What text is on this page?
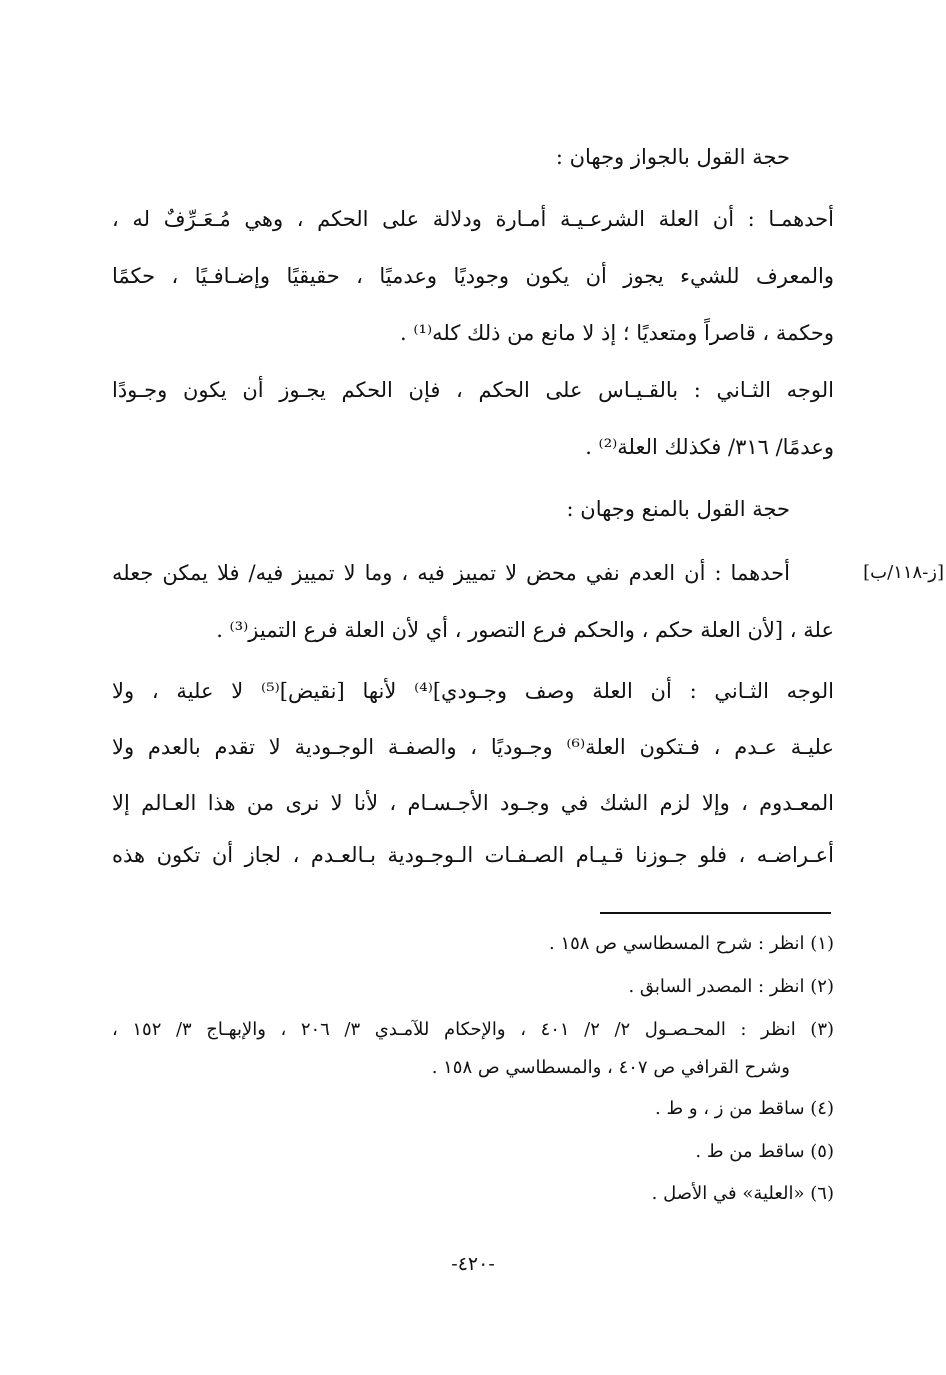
حجة القول بالجواز وجهان :
أحدهمـا : أن العلة الشرعـيـة أمـارة ودلالة على الحكم ، وهي مُـعَـرِّفٌ له ،
والمعرف للشيء يجوز أن يكون وجوديًا وعدميًا ، حقيقيًا وإضـافـيًا ، حكمًا
وحكمة ، قاصراً ومتعديًا ؛ إذ لا مانع من ذلك كله⁽¹⁾ .
الوجه الثـاني : بالقـيـاس على الحكم ، فإن الحكم يجـوز أن يكون وجـودًا
وعدمًا/ ٣١٦/ فكذلك العلة⁽²⁾ .
حجة القول بالمنع وجهان :
[ز-١١٨/ب]
أحدهما : أن العدم نفي محض لا تمييز فيه ، وما لا تمييز فيه/ فلا يمكن جعله
علة ، [لأن العلة حكم ، والحكم فرع التصور ، أي لأن العلة فرع التميز⁽³⁾ .
الوجه الثـاني : أن العلة وصف وجـودي]⁽⁴⁾ لأنها [نقيض]⁽⁵⁾ لا علية ، ولا
عليـة عـدم ، فـتكون العلة⁽⁶⁾ وجـوديًا ، والصفـة الوجـودية لا تقدم بالعدم ولا
المعـدوم ، وإلا لزم الشك في وجـود الأجـسـام ، لأنا لا نرى من هذا العـالم إلا
أعـراضـه ، فلو جـوزنا قـيـام الصـفـات الـوجـودية بـالعـدم ، لجاز أن تكون هذه
(١) انظر : شرح المسطاسي ص ١٥٨ .
(٢) انظر : المصدر السابق .
(٣) انظر : المحـصـول ٢/ ٢/ ٤٠١ ، والإحكام للآمـدي ٣/ ٢٠٦ ، والإبهـاج ٣/ ١٥٢ ،
وشرح القرافي ص ٤٠٧ ، والمسطاسي ص ١٥٨ .
(٤) ساقط من ز ، و ط .
(٥) ساقط من ط .
(٦) «العلية» في الأصل .
-٤٢٠-
